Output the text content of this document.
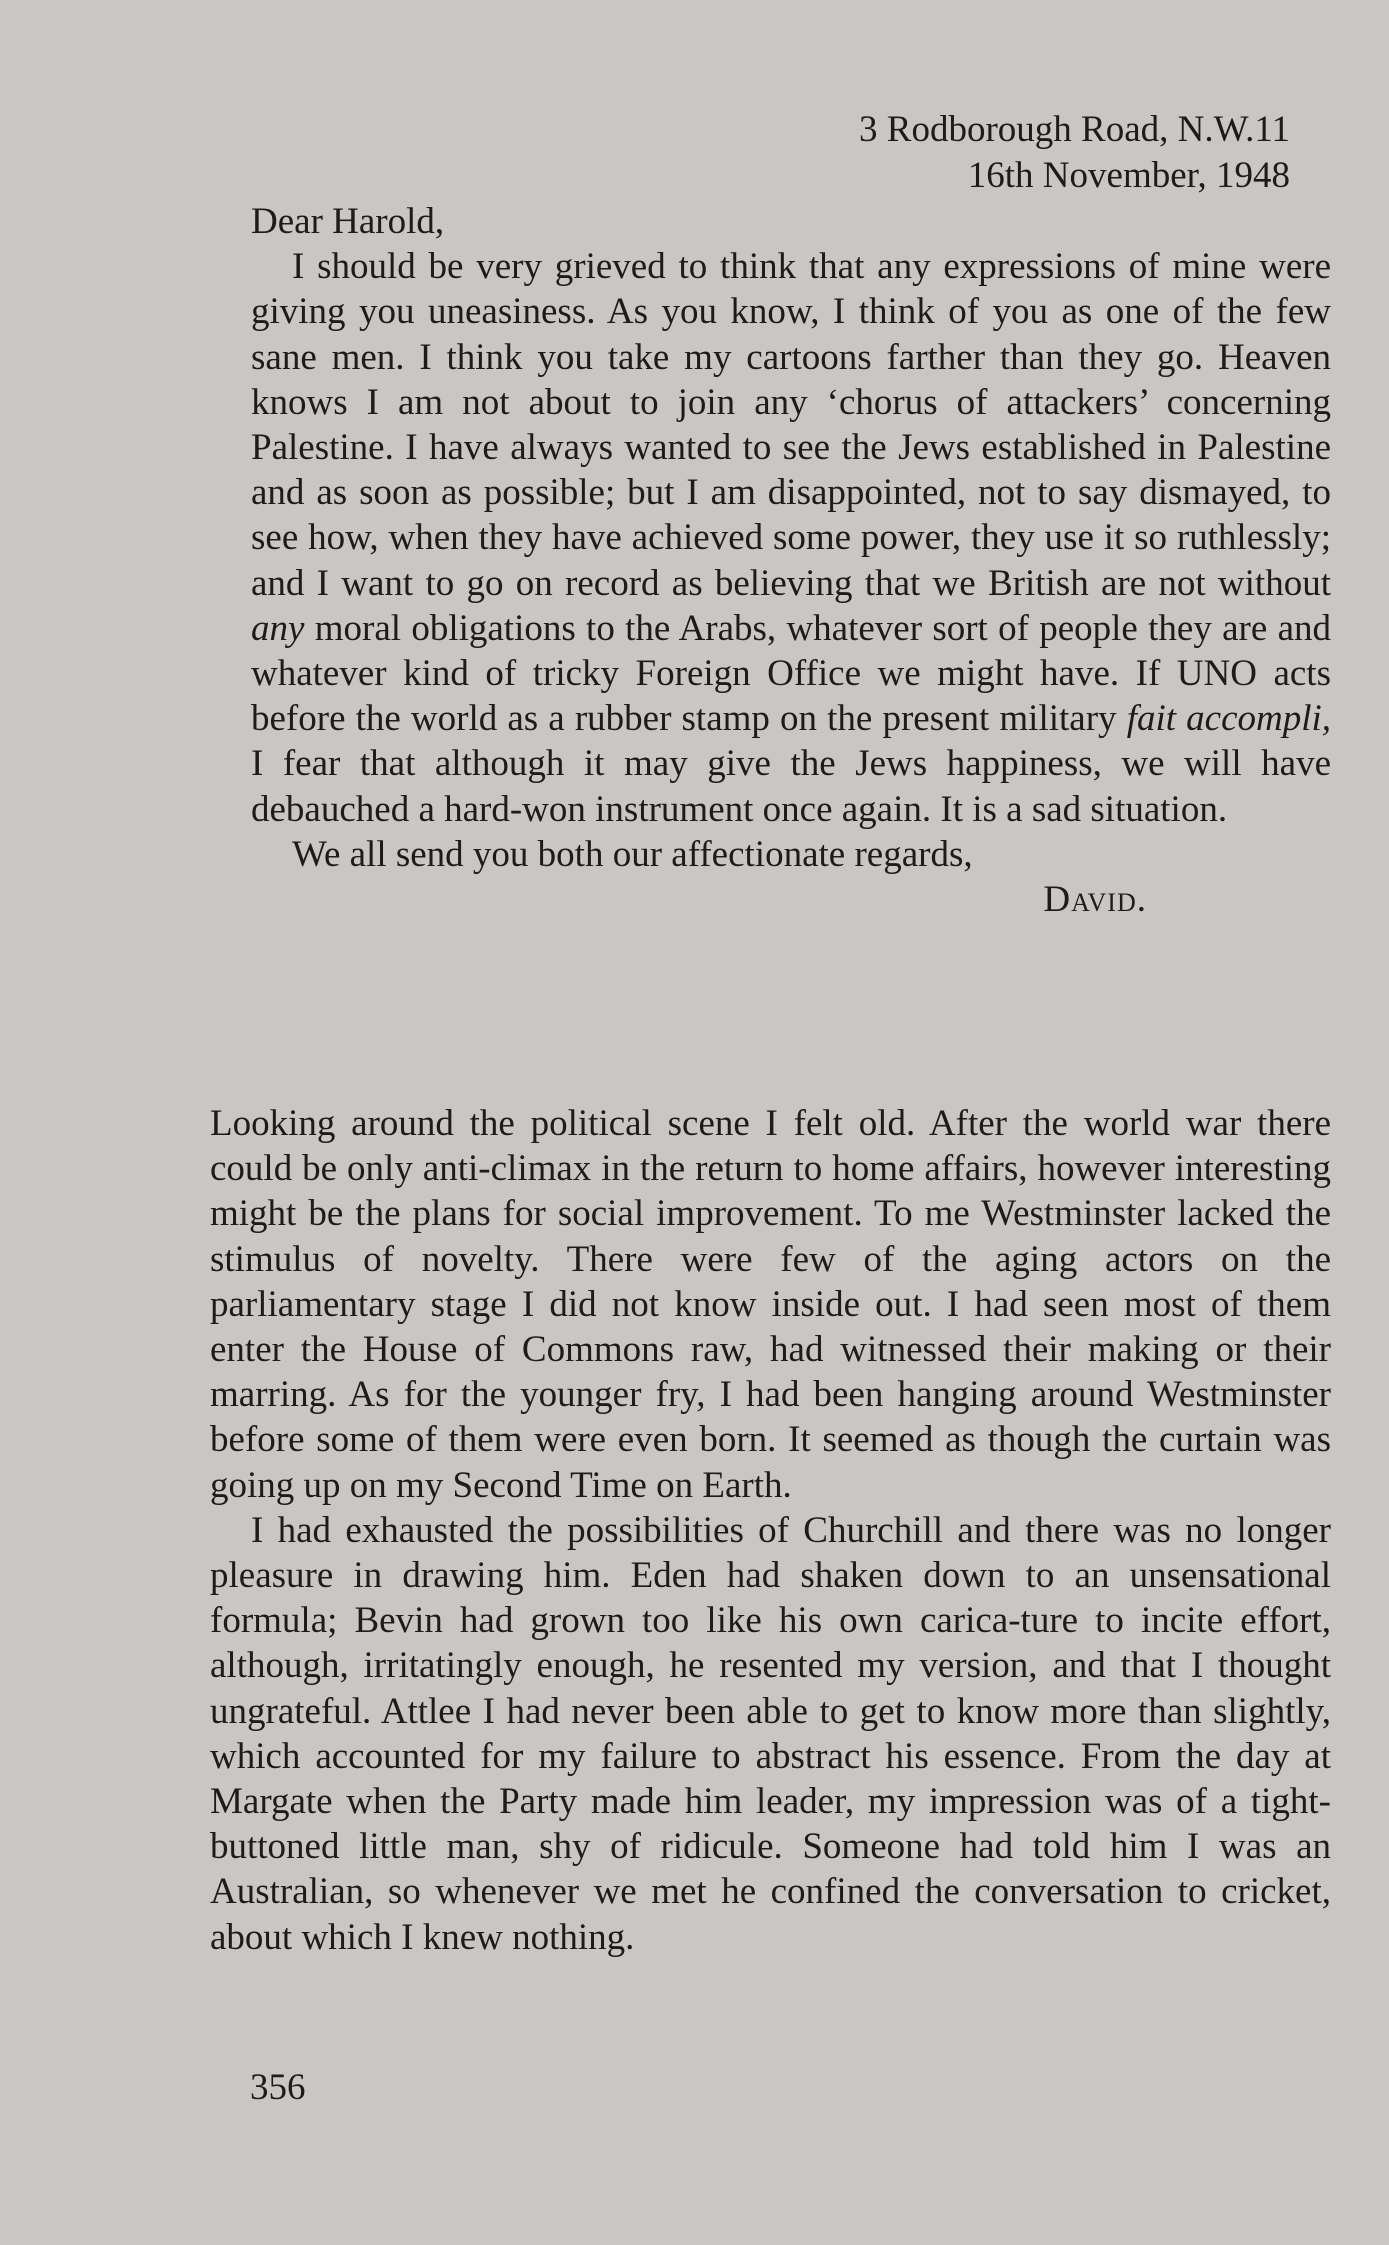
3 Rodborough Road, N.W.11
16th November, 1948

Dear Harold,

I should be very grieved to think that any expressions of mine were giving you uneasiness. As you know, I think of you as one of the few sane men. I think you take my cartoons farther than they go. Heaven knows I am not about to join any ‘chorus of attackers’ concerning Palestine. I have always wanted to see the Jews established in Palestine and as soon as possible; but I am disappointed, not to say dismayed, to see how, when they have achieved some power, they use it so ruthlessly; and I want to go on record as believing that we British are not without any moral obligations to the Arabs, whatever sort of people they are and whatever kind of tricky Foreign Office we might have. If UNO acts before the world as a rubber stamp on the present military fait accompli, I fear that although it may give the Jews happiness, we will have debauched a hard-won instrument once again. It is a sad situation.

We all send you both our affectionate regards,

David.

Looking around the political scene I felt old. After the world war there could be only anti-climax in the return to home affairs, however interesting might be the plans for social improvement. To me Westminster lacked the stimulus of novelty. There were few of the aging actors on the parliamentary stage I did not know inside out. I had seen most of them enter the House of Commons raw, had witnessed their making or their marring. As for the younger fry, I had been hanging around Westminster before some of them were even born. It seemed as though the curtain was going up on my Second Time on Earth.

I had exhausted the possibilities of Churchill and there was no longer pleasure in drawing him. Eden had shaken down to an unsensational formula; Bevin had grown too like his own carica-ture to incite effort, although, irritatingly enough, he resented my version, and that I thought ungrateful. Attlee I had never been able to get to know more than slightly, which accounted for my failure to abstract his essence. From the day at Margate when the Party made him leader, my impression was of a tight-buttoned little man, shy of ridicule. Someone had told him I was an Australian, so whenever we met he confined the conversation to cricket, about which I knew nothing.

356
